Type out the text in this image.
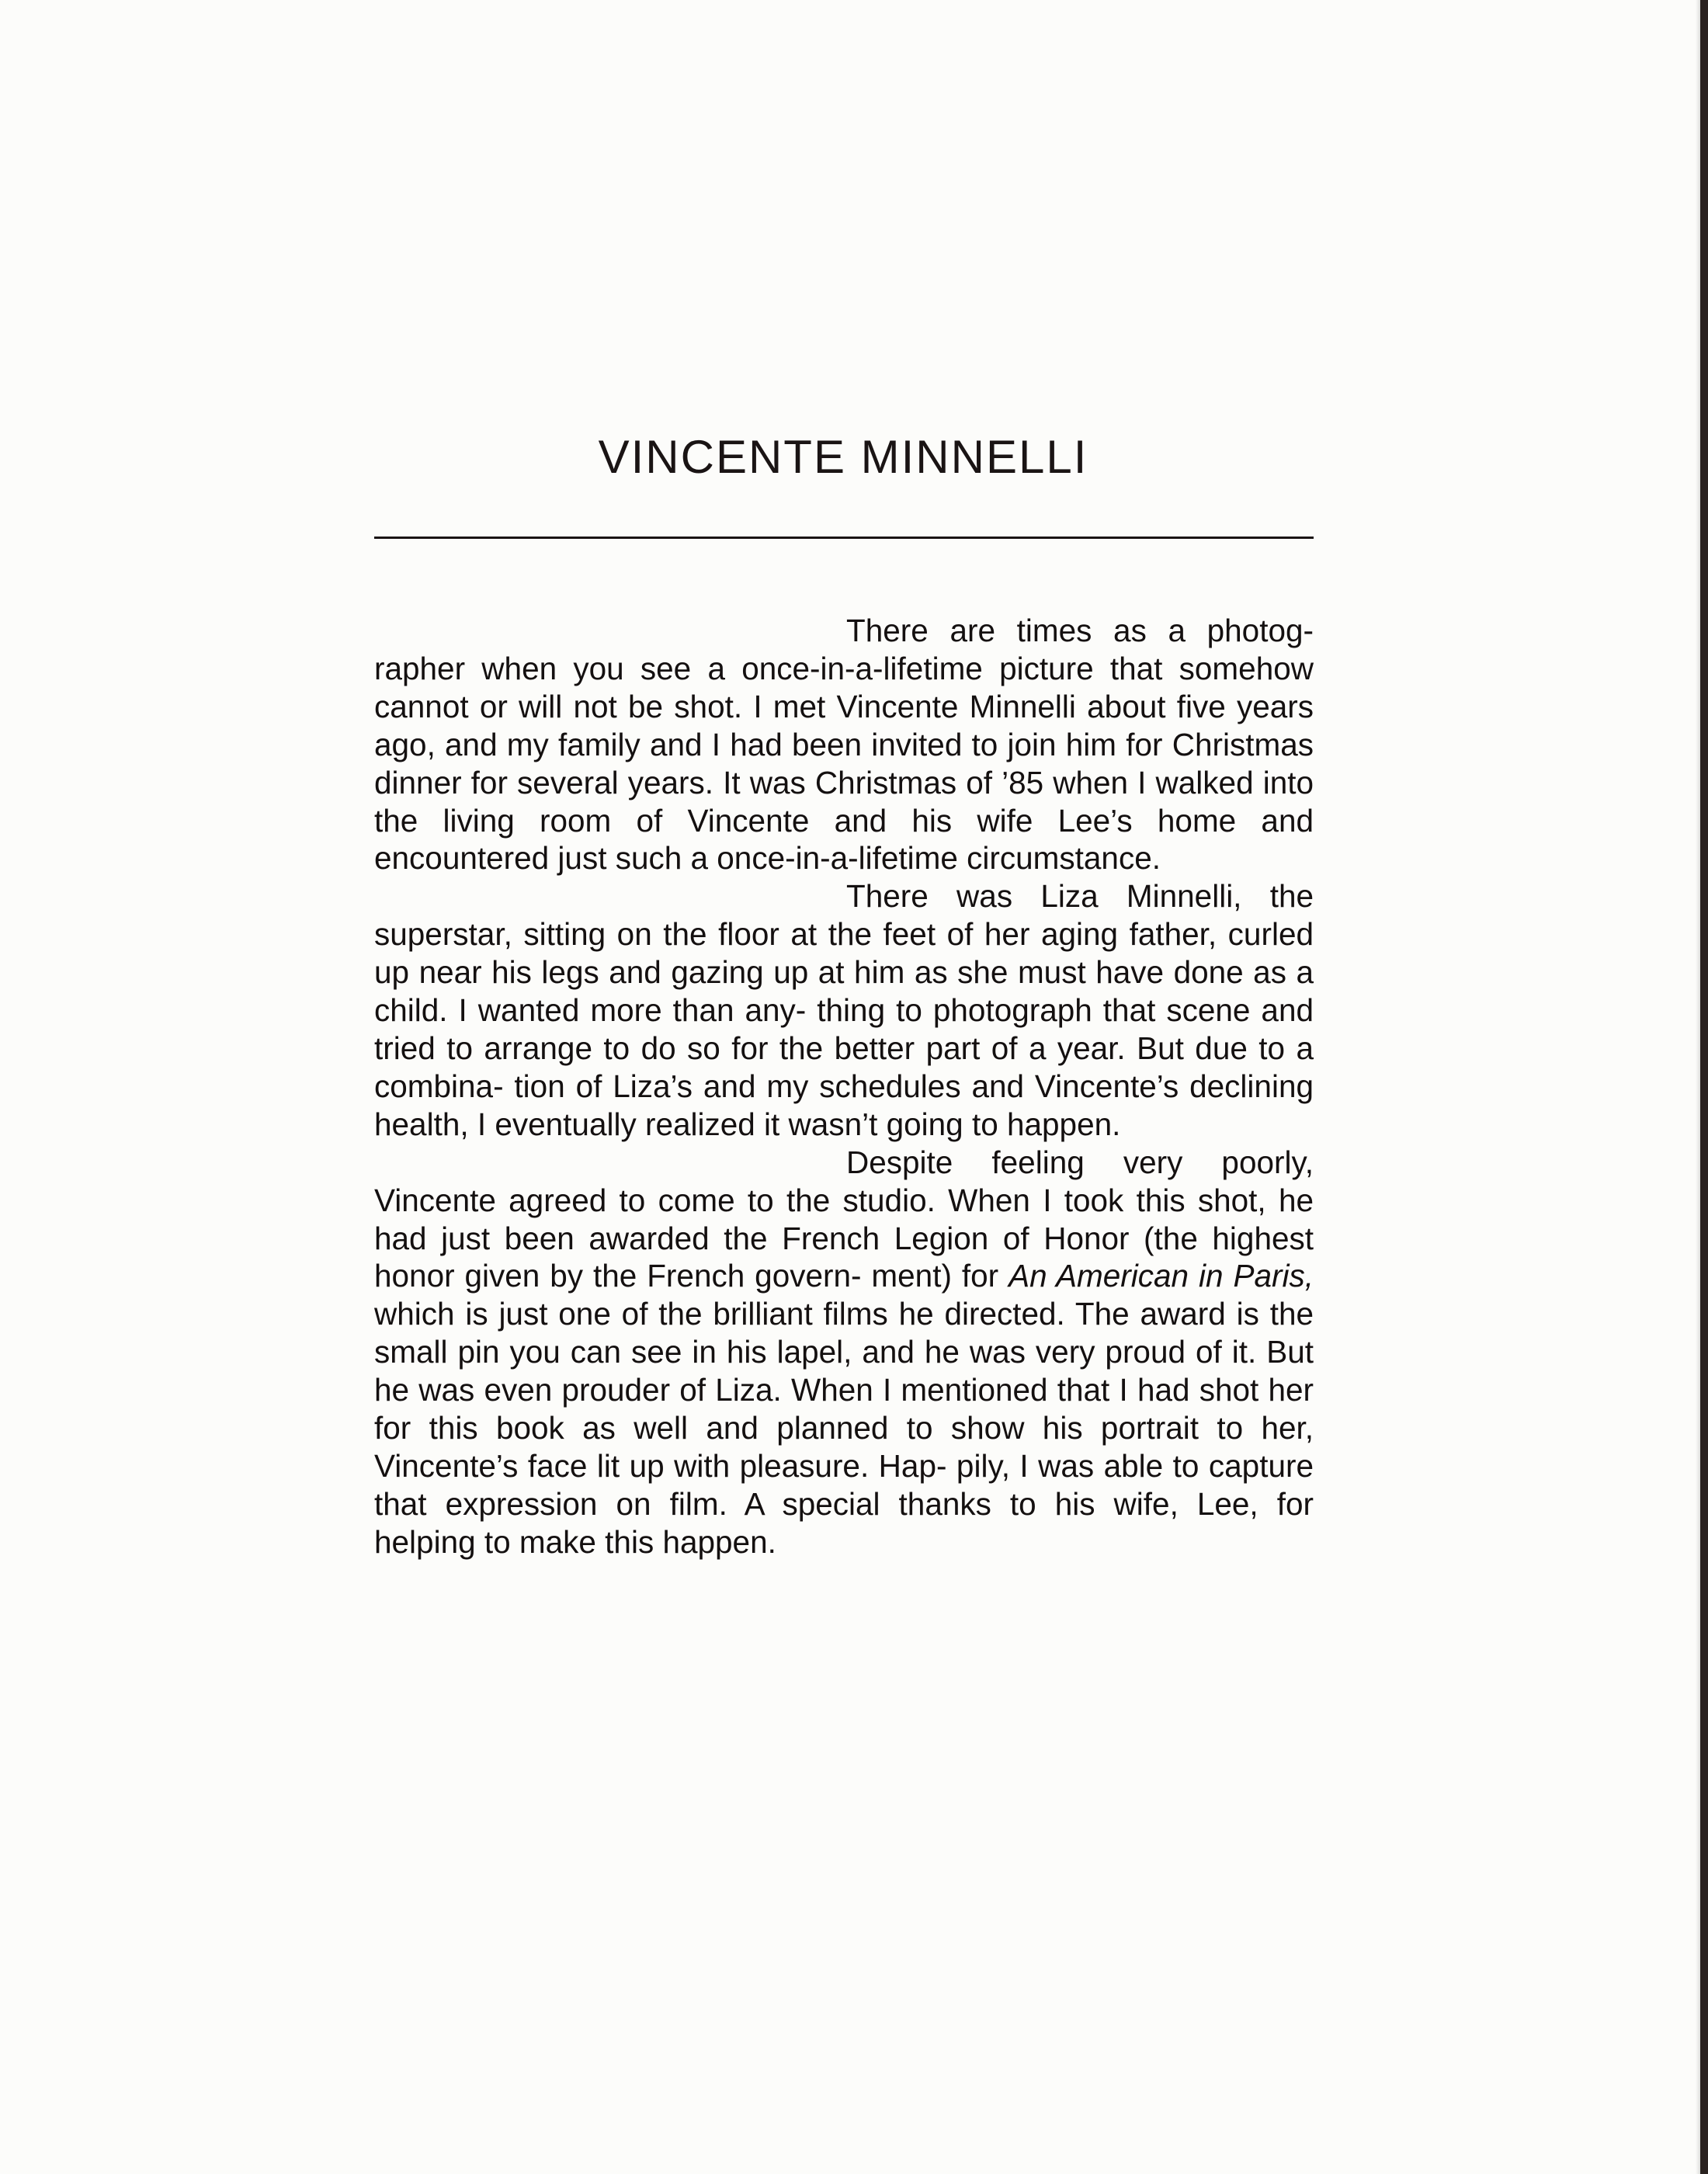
VINCENTE MINNELLI

There are times as a photog- rapher when you see a once-in-a-lifetime picture that somehow cannot or will not be shot. I met Vincente Minnelli about five years ago, and my family and I had been invited to join him for Christmas dinner for several years. It was Christmas of ’85 when I walked into the living room of Vincente and his wife Lee’s home and encountered just such a once-in-a-lifetime circumstance.

There was Liza Minnelli, the superstar, sitting on the floor at the feet of her aging father, curled up near his legs and gazing up at him as she must have done as a child. I wanted more than any- thing to photograph that scene and tried to arrange to do so for the better part of a year. But due to a combina- tion of Liza’s and my schedules and Vincente’s declining health, I eventually realized it wasn’t going to happen.

Despite feeling very poorly, Vincente agreed to come to the studio. When I took this shot, he had just been awarded the French Legion of Honor (the highest honor given by the French govern- ment) for An American in Paris, which is just one of the brilliant films he directed. The award is the small pin you can see in his lapel, and he was very proud of it. But he was even prouder of Liza. When I mentioned that I had shot her for this book as well and planned to show his portrait to her, Vincente’s face lit up with pleasure. Hap- pily, I was able to capture that expression on film. A special thanks to his wife, Lee, for helping to make this happen.
